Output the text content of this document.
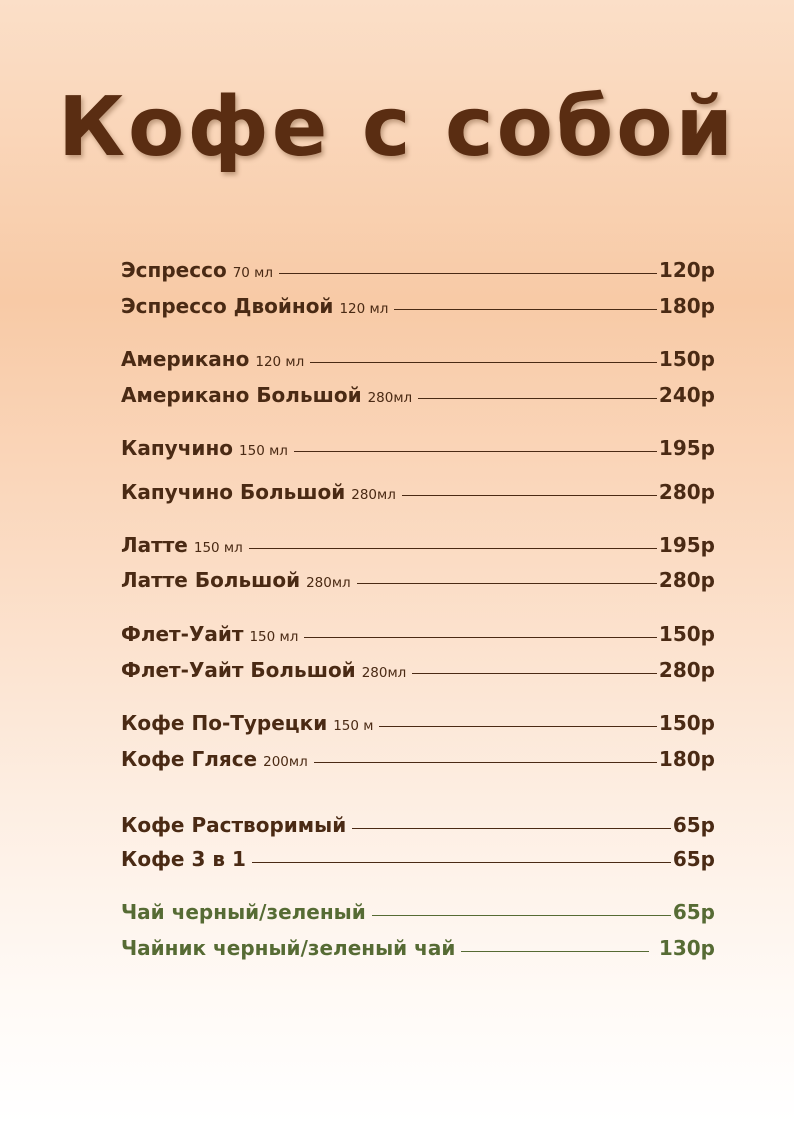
Кофе с собой
Эспрессо 70 мл	120р
Эспрессо Двойной 120 мл	180р
Американо 120 мл	150р
Американо Большой 280мл	240р
Капучино 150 мл	195р
Капучино Большой 280мл	280р
Латте 150 мл	195р
Латте Большой 280мл	280р
Флет-Уайт 150 мл	150р
Флет-Уайт Большой 280мл	280р
Кофе По-Турецки 150 м	150р
Кофе Глясе 200мл	180р
Кофе Растворимый	65р
Кофе 3 в 1	65р
Чай черный/зеленый	65р
Чайник черный/зеленый чай	130р
